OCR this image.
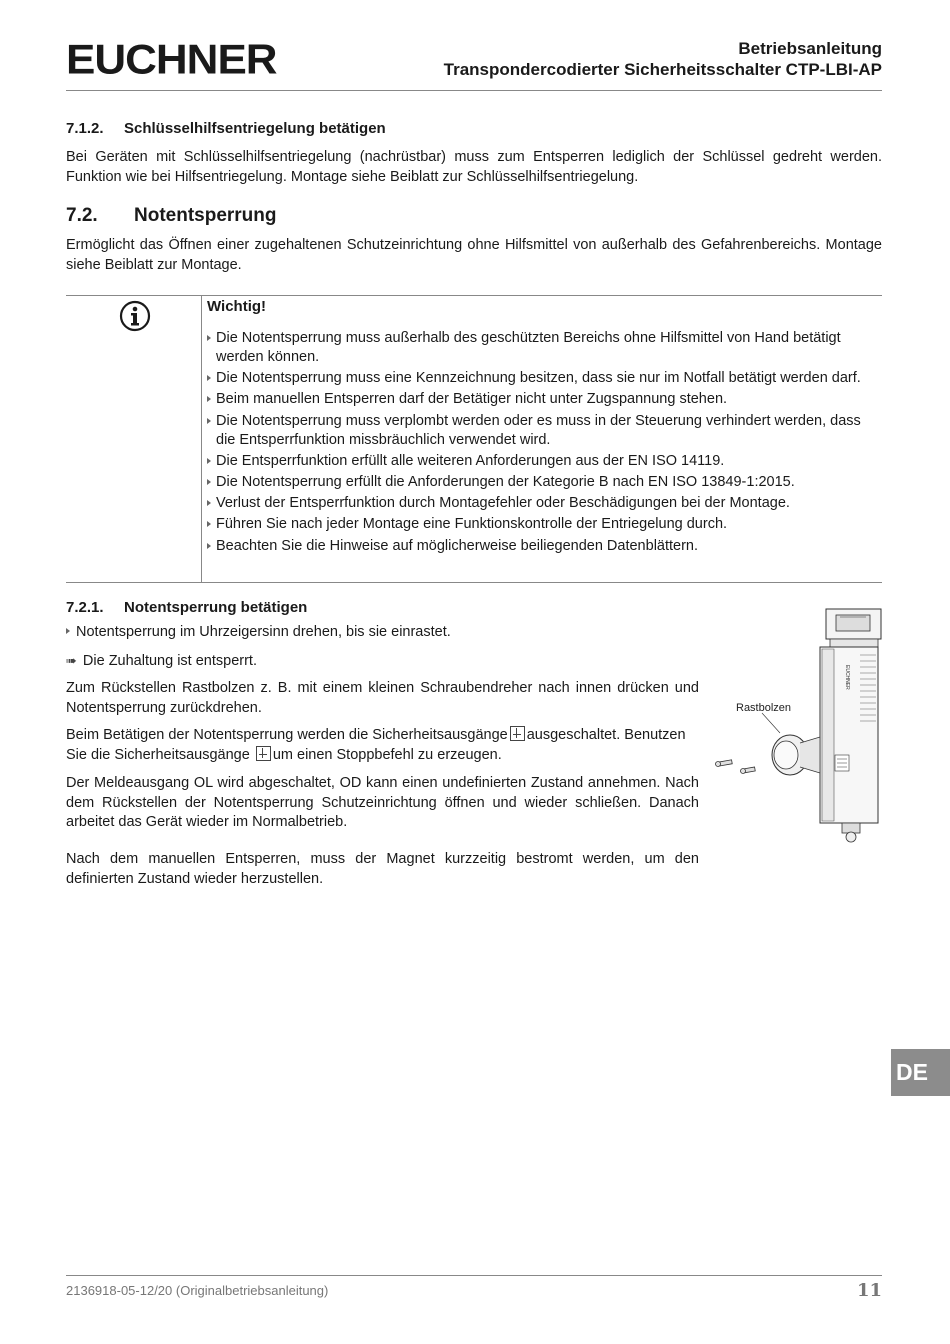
EUCHNER	Betriebsanleitung
Transpondercodierter Sicherheitsschalter CTP-LBI-AP
7.1.2. Schlüsselhilfsentriegelung betätigen

Bei Geräten mit Schlüsselhilfsentriegelung (nachrüstbar) muss zum Entsperren lediglich der Schlüssel gedreht werden. Funktion wie bei Hilfsentriegelung. Montage siehe Beiblatt zur Schlüsselhilfsentriegelung.

7.2. Notentsperrung

Ermöglicht das Öffnen einer zugehaltenen Schutzeinrichtung ohne Hilfsmittel von außerhalb des Gefahrenbereichs. Montage siehe Beiblatt zur Montage.

Wichtig!
Die Notentsperrung muss außerhalb des geschützten Bereichs ohne Hilfsmittel von Hand betätigt werden können.
Die Notentsperrung muss eine Kennzeichnung besitzen, dass sie nur im Notfall betätigt werden darf.
Beim manuellen Entsperren darf der Betätiger nicht unter Zugspannung stehen.
Die Notentsperrung muss verplombt werden oder es muss in der Steuerung verhindert werden, dass die Entsperrfunktion missbräuchlich verwendet wird.
Die Entsperrfunktion erfüllt alle weiteren Anforderungen aus der EN ISO 14119.
Die Notentsperrung erfüllt die Anforderungen der Kategorie B nach EN ISO 13849-1:2015.
Verlust der Entsperrfunktion durch Montagefehler oder Beschädigungen bei der Montage.
Führen Sie nach jeder Montage eine Funktionskontrolle der Entriegelung durch.
Beachten Sie die Hinweise auf möglicherweise beiliegenden Datenblättern.
7.2.1. Notentsperrung betätigen
Notentsperrung im Uhrzeigersinn drehen, bis sie einrastet.
➠ Die Zuhaltung ist entsperrt.

Zum Rückstellen Rastbolzen z. B. mit einem kleinen Schraubendreher nach innen drücken und Notentsperrung zurückdrehen.

Beim Betätigen der Notentsperrung werden die Sicherheitsausgänge ausgeschaltet. Benutzen Sie die Sicherheitsausgänge um einen Stoppbefehl zu erzeugen.

Der Meldeausgang OL wird abgeschaltet, OD kann einen undefinierten Zustand annehmen. Nach dem Rückstellen der Notentsperrung Schutzeinrichtung öffnen und wieder schließen. Danach arbeitet das Gerät wieder im Normalbetrieb.

Nach dem manuellen Entsperren, muss der Magnet kurzzeitig bestromt werden, um den definierten Zustand wieder herzustellen.

EUCHNER
Rastbolzen
DE
2136918-05-12/20 (Originalbetriebsanleitung)	11
